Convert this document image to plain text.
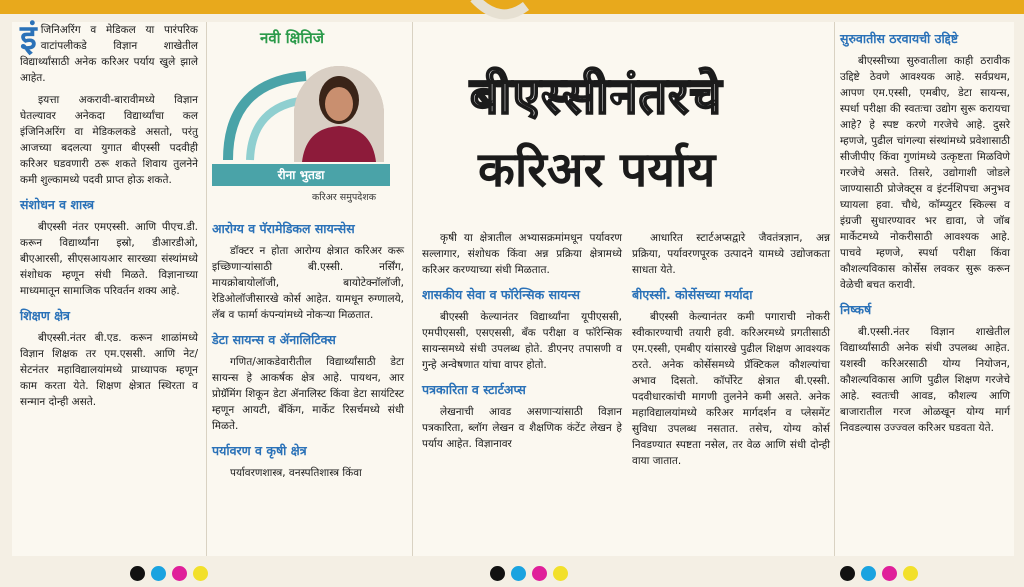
इंजिनिअरिंग व मेडिकल या पारंपरिक वाटांपलीकडे विज्ञान शाखेतील विद्यार्थ्यांसाठी अनेक करिअर पर्याय खुले झाले आहेत.

इयत्ता अकरावी-बारावीमध्ये विज्ञान घेतल्यावर अनेकदा विद्यार्थ्यांचा कल इंजिनिअरिंग वा मेडिकलकडे असतो, परंतु आजच्या बदलत्या युगात बीएस्सी पदवीही करिअर घडवणारी ठरू शकते शिवाय तुलनेने कमी शुल्कामध्ये पदवी प्राप्त होऊ शकते.

संशोधन व शास्त्र

बीएस्सी नंतर एमएस्सी. आणि पीएच.डी. करून विद्यार्थ्यांना इस्रो, डीआरडीओ, बीएआरसी, सीएसआयआर सारख्या संस्थांमध्ये संशोधक म्हणून संधी मिळते. विज्ञानाच्या माध्यमातून सामाजिक परिवर्तन शक्य आहे.

शिक्षण क्षेत्र

बीएस्सी.नंतर बी.एड. करून शाळांमध्ये विज्ञान शिक्षक तर एम.एससी. आणि नेट/सेटनंतर महाविद्यालयांमध्ये प्राध्यापक म्हणून काम करता येते. शिक्षण क्षेत्रात स्थिरता व सन्मान दोन्ही असते.

नवी क्षितिजे
रीना भुतडा
करिअर समुपदेशक
आरोग्य व पॅरामेडिकल सायन्सेस

डॉक्टर न होता आरोग्य क्षेत्रात करिअर करू इच्छिणाऱ्यांसाठी बी.एस्सी. नर्सिंग, मायक्रोबायोलॉजी, बायोटेक्नॉलॉजी, रेडिओलॉजीसारखे कोर्स आहेत. यामधून रुग्णालये, लॅब व फार्मा कंपन्यांमध्ये नोकऱ्या मिळतात.

डेटा सायन्स व ॲनालिटिक्स

गणित/आकडेवारीतील विद्यार्थ्यांसाठी डेटा सायन्स हे आकर्षक क्षेत्र आहे. पायथन, आर प्रोग्रॅमिंग शिकून डेटा ॲनालिस्ट किंवा डेटा सायंटिस्ट म्हणून आयटी, बँकिंग, मार्केट रिसर्चमध्ये संधी मिळते.

पर्यावरण व कृषी क्षेत्र

पर्यावरणशास्त्र, वनस्पतिशास्त्र किंवा

बीएस्सीनंतरचे
करिअर पर्याय

कृषी या क्षेत्रातील अभ्यासक्रमांमधून पर्यावरण सल्लागार, संशोधक किंवा अन्न प्रक्रिया क्षेत्रामध्ये करिअर करण्याच्या संधी मिळतात.

शासकीय सेवा व फॉरेन्सिक सायन्स

बीएस्सी केल्यानंतर विद्यार्थ्यांना यूपीएससी, एमपीएससी, एसएससी, बँक परीक्षा व फॉरेन्सिक सायन्समध्ये संधी उपलब्ध होते. डीएनए तपासणी व गुन्हे अन्वेषणात यांचा वापर होतो.

पत्रकारिता व स्टार्टअप्स

लेखनाची आवड असणाऱ्यांसाठी विज्ञान पत्रकारिता, ब्लॉग लेखन व शैक्षणिक कंटेंट लेखन हे पर्याय आहेत. विज्ञानावर

आधारित स्टार्टअप्सद्वारे जैवतंत्रज्ञान, अन्न प्रक्रिया, पर्यावरणपूरक उत्पादने यामध्ये उद्योजकता साधता येते.

बीएस्सी. कोर्सेसच्या मर्यादा

बीएस्सी केल्यानंतर कमी पगाराची नोकरी स्वीकारण्याची तयारी हवी. करिअरमध्ये प्रगतीसाठी एम.एस्सी, एमबीए यांसारखे पुढील शिक्षण आवश्यक ठरते. अनेक कोर्सेसमध्ये प्रॅक्टिकल कौशल्यांचा अभाव दिसतो. कॉर्पोरेट क्षेत्रात बी.एस्सी. पदवीधारकांची मागणी तुलनेने कमी असते. अनेक महाविद्यालयांमध्ये करिअर मार्गदर्शन व प्लेसमेंट सुविधा उपलब्ध नसतात. तसेच, योग्य कोर्स निवडण्यात स्पष्टता नसेल, तर वेळ आणि संधी दोन्ही वाया जातात.

सुरुवातीस ठरवायची उद्दिष्टे

बीएस्सीच्या सुरुवातीला काही ठरावीक उद्दिष्टे ठेवणे आवश्यक आहे. सर्वप्रथम, आपण एम.एस्सी, एमबीए, डेटा सायन्स, स्पर्धा परीक्षा की स्वतःचा उद्योग सुरू करायचा आहे? हे स्पष्ट करणे गरजेचे आहे. दुसरे म्हणजे, पुढील चांगल्या संस्थांमध्ये प्रवेशासाठी सीजीपीए किंवा गुणांमध्ये उत्कृष्टता मिळविणे गरजेचे असते. तिसरे, उद्योगाशी जोडले जाण्यासाठी प्रोजेक्ट्स व इंटर्नशिपचा अनुभव घ्यायला हवा. चौथे, कॉम्प्युटर स्किल्स व इंग्रजी सुधारण्यावर भर द्यावा, जे जॉब मार्केटमध्ये नोकरीसाठी आवश्यक आहे. पाचवे म्हणजे, स्पर्धा परीक्षा किंवा कौशल्यविकास कोर्सेस लवकर सुरू करून वेळेची बचत करावी.

निष्कर्ष

बी.एस्सी.नंतर विज्ञान शाखेतील विद्यार्थ्यांसाठी अनेक संधी उपलब्ध आहेत. यशस्वी करिअरसाठी योग्य नियोजन, कौशल्यविकास आणि पुढील शिक्षण गरजेचे आहे. स्वतःची आवड, कौशल्य आणि बाजारातील गरज ओळखून योग्य मार्ग निवडल्यास उज्ज्वल करिअर घडवता येते.
